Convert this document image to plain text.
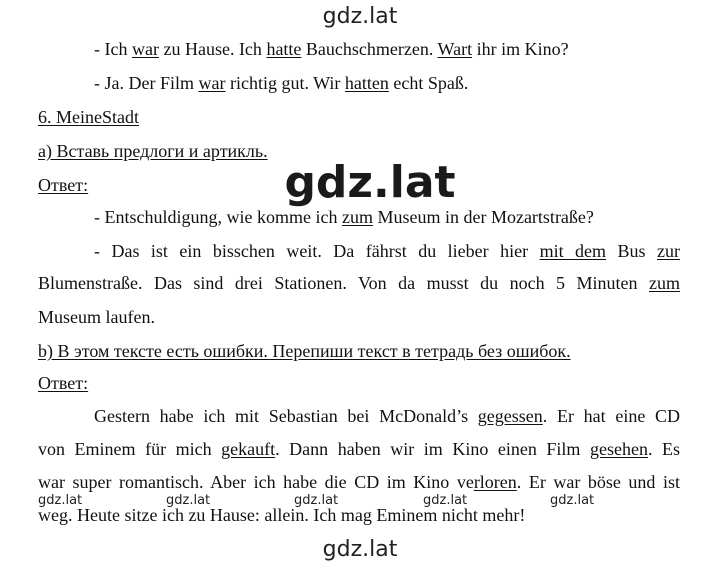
gdz.lat
- Ich war zu Hause. Ich hatte Bauchschmerzen. Wart ihr im Kino?
- Ja. Der Film war richtig gut. Wir hatten echt Spaß.
6. MeineStadt
a) Вставь предлоги и артикль.
Ответ:
- Entschuldigung, wie komme ich zum Museum in der Mozartstraße?
- Das ist ein bisschen weit. Da fährst du lieber hier mit dem Bus zur
Blumenstraße. Das sind drei Stationen. Von da musst du noch 5 Minuten zum
Museum laufen.
b) В этом тексте есть ошибки. Перепиши текст в тетрадь без ошибок.
Ответ:
Gestern habe ich mit Sebastian bei McDonald’s gegessen. Er hat eine CD
von Eminem für mich gekauft. Dann haben wir im Kino einen Film gesehen. Es
war super romantisch. Aber ich habe die CD im Kino verloren. Er war böse und ist
weg. Heute sitze ich zu Hause: allein. Ich mag Eminem nicht mehr!
gdz.lat
gdz.lat	gdz.lat	gdz.lat	gdz.lat	gdz.lat
gdz.lat
